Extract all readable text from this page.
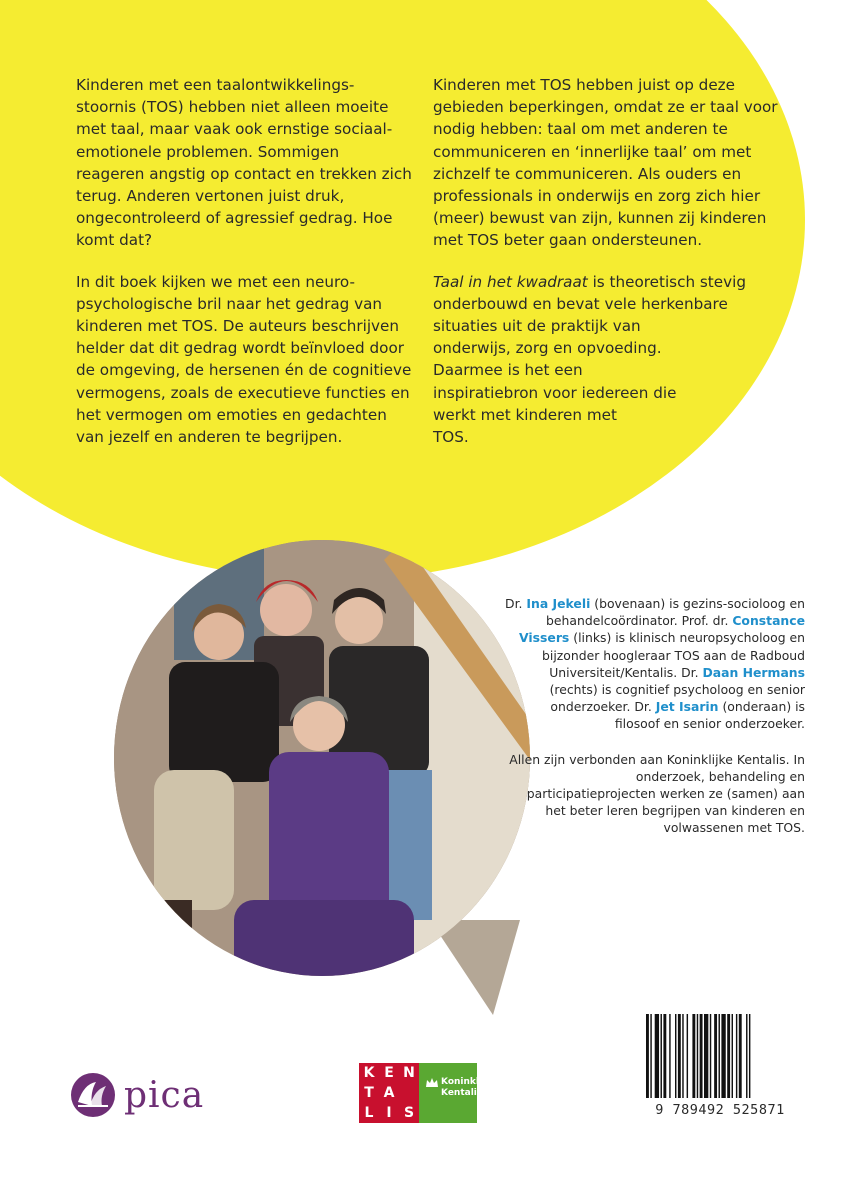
Kinderen met een taalontwikkelings-stoornis (TOS) hebben niet alleen moeite met taal, maar vaak ook ernstige sociaal-emotionele problemen. Sommigen reageren angstig op contact en trekken zich terug. Anderen vertonen juist druk, ongecontroleerd of agressief gedrag. Hoe komt dat?

In dit boek kijken we met een neuro-psychologische bril naar het gedrag van kinderen met TOS. De auteurs beschrijven helder dat dit gedrag wordt beïnvloed door de omgeving, de hersenen én de cognitieve vermogens, zoals de executieve functies en het vermogen om emoties en gedachten van jezelf en anderen te begrijpen.

Kinderen met TOS hebben juist op deze gebieden beperkingen, omdat ze er taal voor nodig hebben: taal om met anderen te communiceren en ‘innerlijke taal’ om met zichzelf te communiceren. Als ouders en professionals in onderwijs en zorg zich hier (meer) bewust van zijn, kunnen zij kinderen met TOS beter gaan ondersteunen.

Taal in het kwadraat is theoretisch stevig onderbouwd en bevat vele herkenbare situaties uit de praktijk van onderwijs, zorg en opvoeding. Daarmee is het een inspiratiebron voor iedereen die werkt met kinderen met TOS.

Dr. Ina Jekeli (bovenaan) is gezins-socioloog en behandelcoördinator. Prof. dr. Constance Vissers (links) is klinisch neuropsycholoog en bijzonder hoogleraar TOS aan de Radboud Universiteit/Kentalis. Dr. Daan Hermans (rechts) is cognitief psycholoog en senior onderzoeker. Dr. Jet Isarin (onderaan) is filosoof en senior onderzoeker.

Allen zijn verbonden aan Koninklijke Kentalis. In onderzoek, behandeling en participatieprojecten werken ze (samen) aan het beter leren begrijpen van kinderen en volwassenen met TOS.

pica
K E N
T A
L I S
Koninklijke
Kentalis
9 789492 525871
